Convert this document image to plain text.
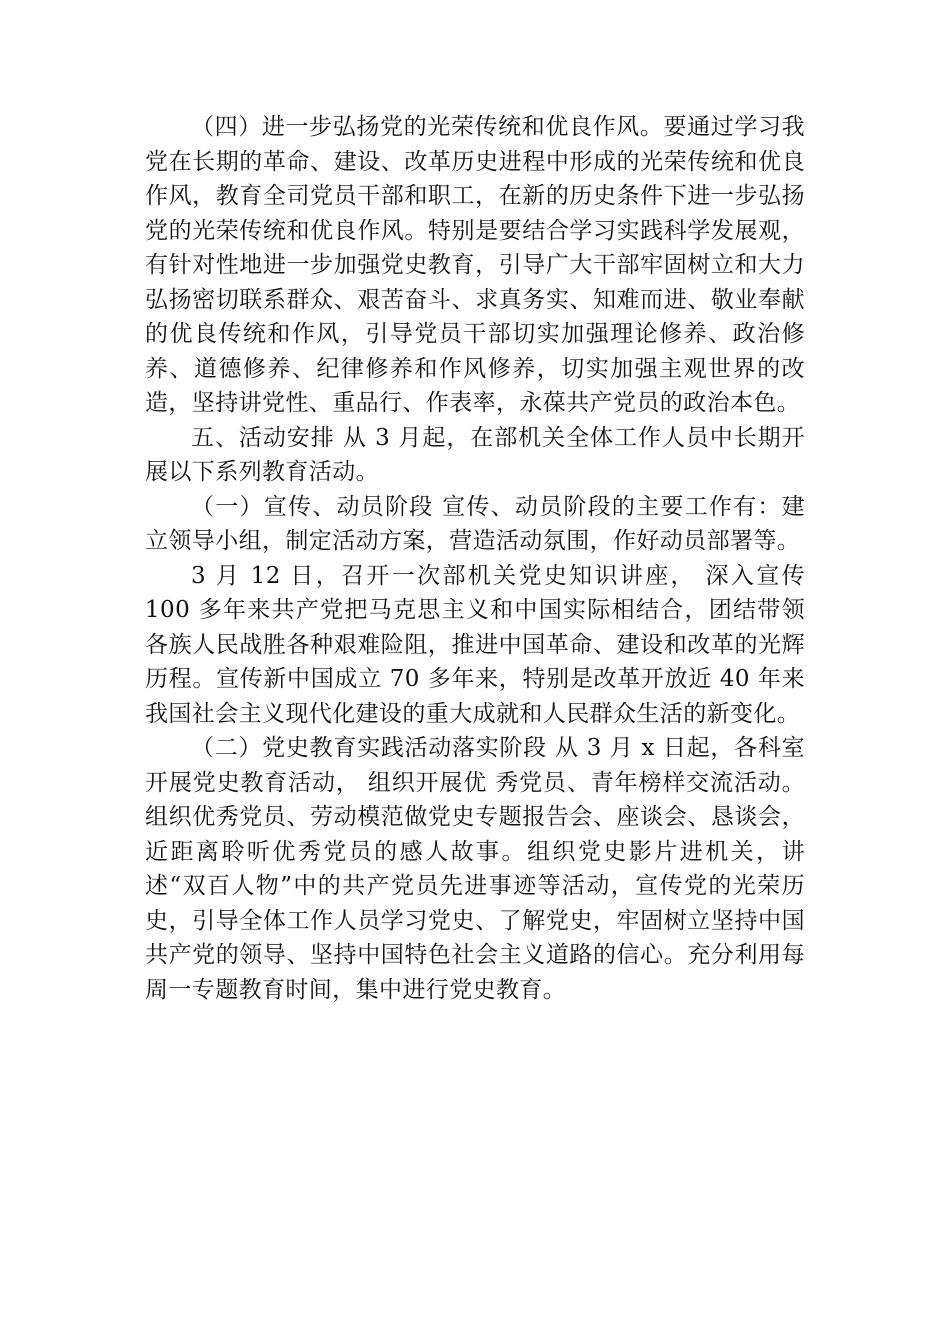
（四）进一步弘扬党的光荣传统和优良作风。要通过学习我党在长期的革命、建设、改革历史进程中形成的光荣传统和优良作风，教育全司党员干部和职工，在新的历史条件下进一步弘扬党的光荣传统和优良作风。特别是要结合学习实践科学发展观，有针对性地进一步加强党史教育，引导广大干部牢固树立和大力弘扬密切联系群众、艰苦奋斗、求真务实、知难而进、敬业奉献的优良传统和作风，引导党员干部切实加强理论修养、政治修养、道德修养、纪律修养和作风修养，切实加强主观世界的改造，坚持讲党性、重品行、作表率，永葆共产党员的政治本色。

五、活动安排 从 3 月起，在部机关全体工作人员中长期开展以下系列教育活动。

（一）宣传、动员阶段 宣传、动员阶段的主要工作有：建立领导小组，制定活动方案，营造活动氛围，作好动员部署等。

3 月 12 日，召开一次部机关党史知识讲座， 深入宣传 100 多年来共产党把马克思主义和中国实际相结合，团结带领各族人民战胜各种艰难险阻，推进中国革命、建设和改革的光辉历程。宣传新中国成立 70 多年来，特别是改革开放近 40 年来我国社会主义现代化建设的重大成就和人民群众生活的新变化。

（二）党史教育实践活动落实阶段 从 3 月 x 日起，各科室开展党史教育活动， 组织开展优 秀党员、青年榜样交流活动。组织优秀党员、劳动模范做党史专题报告会、座谈会、恳谈会，近距离聆听优秀党员的感人故事。组织党史影片进机关，讲述“双百人物”中的共产党员先进事迹等活动，宣传党的光荣历史，引导全体工作人员学习党史、了解党史，牢固树立坚持中国共产党的领导、坚持中国特色社会主义道路的信心。充分利用每周一专题教育时间，集中进行党史教育。
